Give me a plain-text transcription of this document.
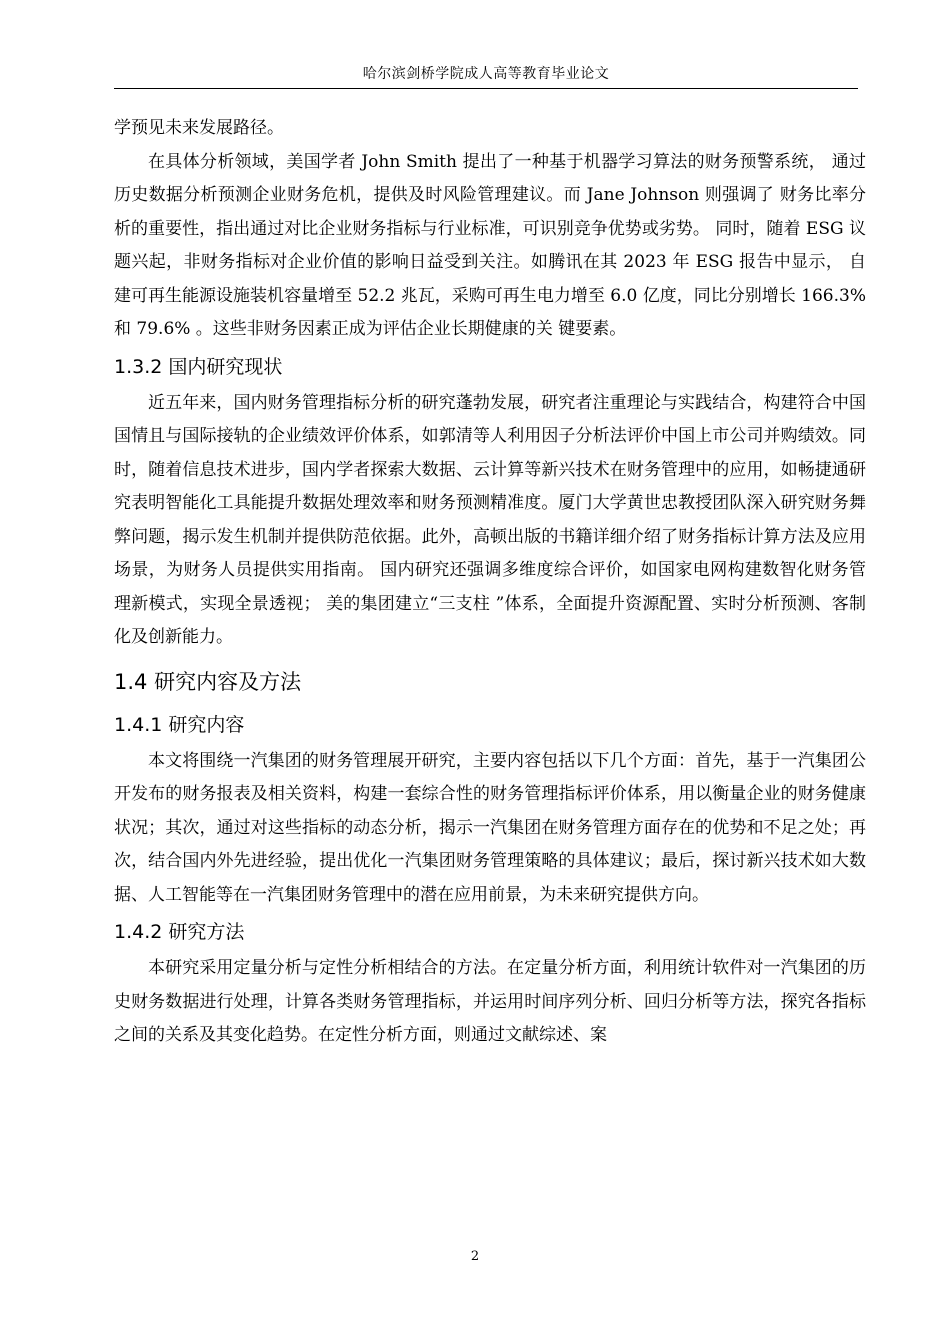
哈尔滨剑桥学院成人高等教育毕业论文

学预见未来发展路径。

在具体分析领域，美国学者 John Smith 提出了一种基于机器学习算法的财务预警系统， 通过历史数据分析预测企业财务危机，提供及时风险管理建议。而 Jane Johnson 则强调了 财务比率分析的重要性，指出通过对比企业财务指标与行业标准，可识别竞争优势或劣势。 同时，随着 ESG 议题兴起，非财务指标对企业价值的影响日益受到关注。如腾讯在其 2023 年 ESG 报告中显示， 自建可再生能源设施装机容量增至 52.2 兆瓦，采购可再生电力增至 6.0 亿度，同比分别增长 166.3%和 79.6% 。这些非财务因素正成为评估企业长期健康的关 键要素。

1.3.2 国内研究现状

近五年来，国内财务管理指标分析的研究蓬勃发展，研究者注重理论与实践结合，构建符合中国国情且与国际接轨的企业绩效评价体系，如郭清等人利用因子分析法评价中国上市公司并购绩效。同时，随着信息技术进步，国内学者探索大数据、云计算等新兴技术在财务管理中的应用，如畅捷通研究表明智能化工具能提升数据处理效率和财务预测精准度。厦门大学黄世忠教授团队深入研究财务舞弊问题，揭示发生机制并提供防范依据。此外，高顿出版的书籍详细介绍了财务指标计算方法及应用场景，为财务人员提供实用指南。 国内研究还强调多维度综合评价，如国家电网构建数智化财务管理新模式，实现全景透视； 美的集团建立“三支柱 ”体系，全面提升资源配置、实时分析预测、客制化及创新能力。

1.4 研究内容及方法
1.4.1 研究内容

本文将围绕一汽集团的财务管理展开研究，主要内容包括以下几个方面：首先，基于一汽集团公开发布的财务报表及相关资料，构建一套综合性的财务管理指标评价体系，用以衡量企业的财务健康状况；其次，通过对这些指标的动态分析，揭示一汽集团在财务管理方面存在的优势和不足之处；再次，结合国内外先进经验，提出优化一汽集团财务管理策略的具体建议；最后，探讨新兴技术如大数据、人工智能等在一汽集团财务管理中的潜在应用前景，为未来研究提供方向。

1.4.2 研究方法

本研究采用定量分析与定性分析相结合的方法。在定量分析方面，利用统计软件对一汽集团的历史财务数据进行处理，计算各类财务管理指标，并运用时间序列分析、回归分析等方法，探究各指标之间的关系及其变化趋势。在定性分析方面，则通过文献综述、案

2
